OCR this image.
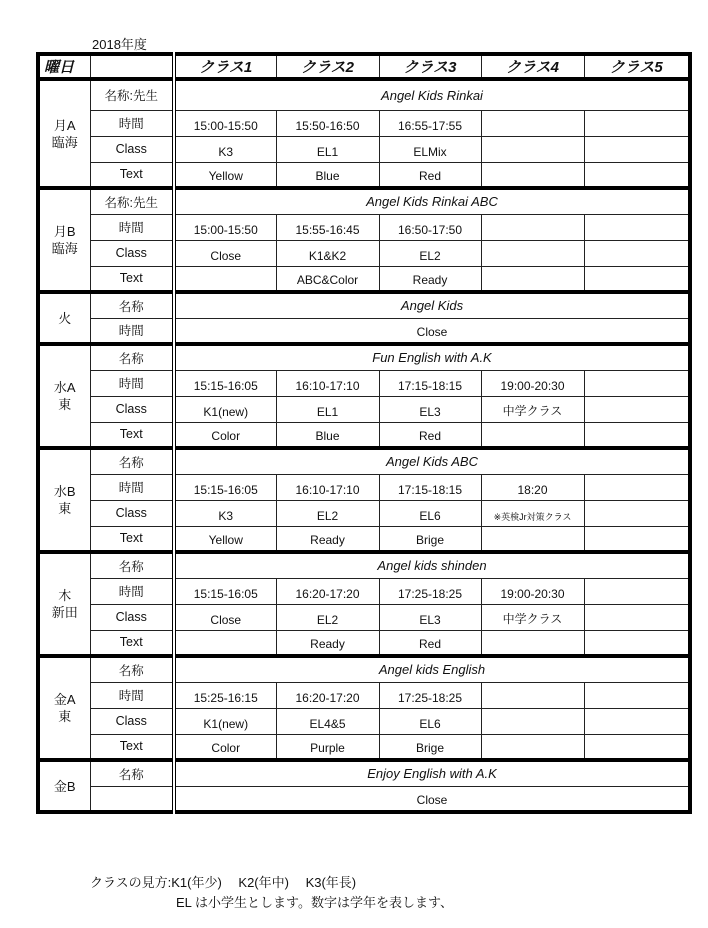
2018年度
曜日		クラス1	クラス2	クラス3	クラス4	クラス5

月A
臨海	名称:先生	Angel Kids Rinkai				
	時間	15:00-15:50	15:50-16:50	16:55-17:55		
	Class	K3	EL1	ELMix		
	Text	Yellow	Blue	Red		

月B
臨海	名称:先生	Angel Kids Rinkai ABC				
	時間	15:00-15:50	15:55-16:45	16:50-17:50		
	Class	Close	K1&K2	EL2		
	Text		ABC&Color	Ready		

火	名称	Angel Kids				
	時間	Close				

水A
東	名称	Fun English with A.K				
	時間	15:15-16:05	16:10-17:10	17:15-18:15	19:00-20:30	
	Class	K1(new)	EL1	EL3	中学クラス	
	Text	Color	Blue	Red		

水B
東	名称	Angel Kids ABC				
	時間	15:15-16:05	16:10-17:10	17:15-18:15	18:20	
	Class	K3	EL2	EL6	※英検Jr対策クラス	
	Text	Yellow	Ready	Brige		

木
新田	名称	Angel kids shinden				
	時間	15:15-16:05	16:20-17:20	17:25-18:25	19:00-20:30	
	Class	Close	EL2	EL3	中学クラス	
	Text		Ready	Red		

金A
東	名称	Angel kids English				
	時間	15:25-16:15	16:20-17:20	17:25-18:25		
	Class	K1(new)	EL4&5	EL6		
	Text	Color	Purple	Brige		

金B	名称	Enjoy English with A.K				
		Close				
クラスの見方:K1(年少)　 K2(年中)　 K3(年長)
EL は小学生とします。数字は学年を表します、
